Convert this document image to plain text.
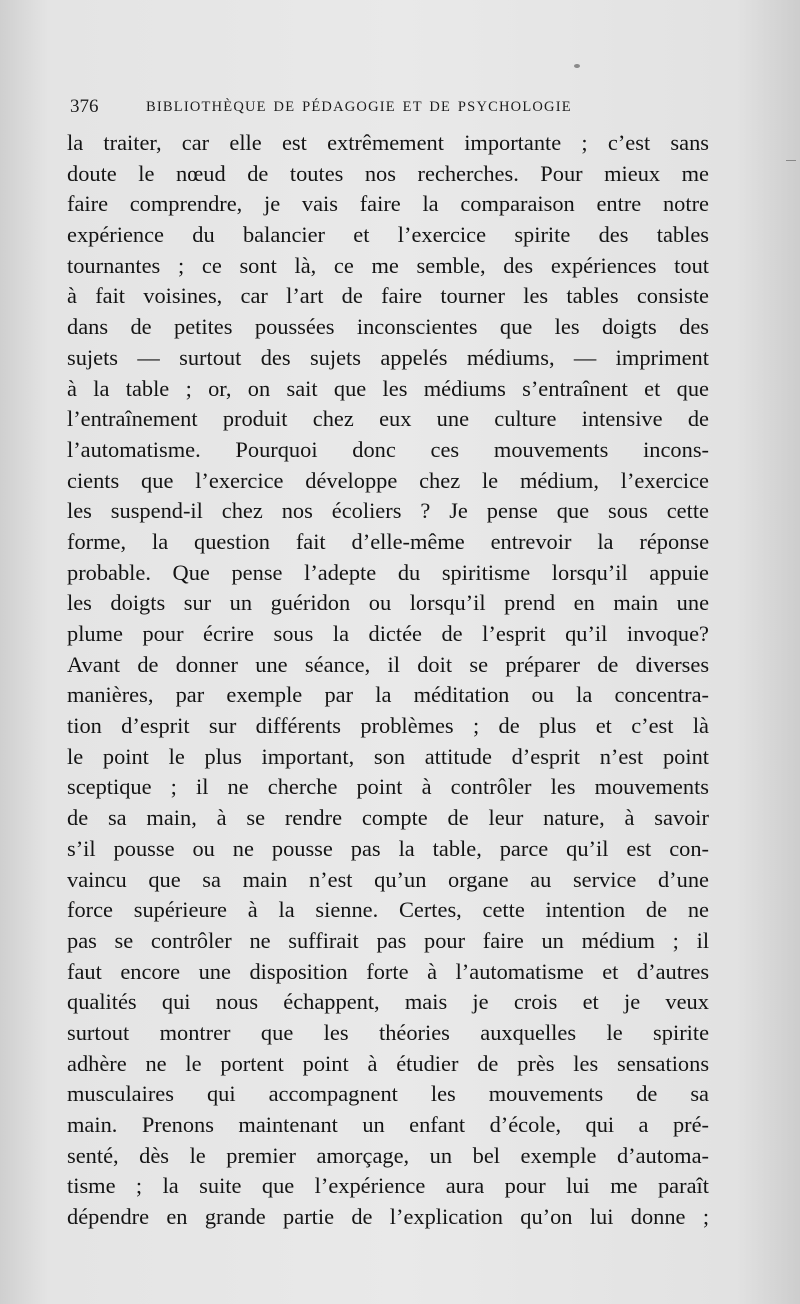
376	BIBLIOTHÈQUE DE PÉDAGOGIE ET DE PSYCHOLOGIE
la traiter, car elle est extrêmement importante ; c’est sans
doute le nœud de toutes nos recherches. Pour mieux me
faire comprendre, je vais faire la comparaison entre notre
expérience du balancier et l’exercice spirite des tables
tournantes ; ce sont là, ce me semble, des expériences tout
à fait voisines, car l’art de faire tourner les tables consiste
dans de petites poussées inconscientes que les doigts des
sujets — surtout des sujets appelés médiums, — impriment
à la table ; or, on sait que les médiums s’entraînent et que
l’entraînement produit chez eux une culture intensive de
l’automatisme. Pourquoi donc ces mouvements incons-
cients que l’exercice développe chez le médium, l’exercice
les suspend-il chez nos écoliers ? Je pense que sous cette
forme, la question fait d’elle-même entrevoir la réponse
probable. Que pense l’adepte du spiritisme lorsqu’il appuie
les doigts sur un guéridon ou lorsqu’il prend en main une
plume pour écrire sous la dictée de l’esprit qu’il invoque?
Avant de donner une séance, il doit se préparer de diverses
manières, par exemple par la méditation ou la concentra-
tion d’esprit sur différents problèmes ; de plus et c’est là
le point le plus important, son attitude d’esprit n’est point
sceptique ; il ne cherche point à contrôler les mouvements
de sa main, à se rendre compte de leur nature, à savoir
s’il pousse ou ne pousse pas la table, parce qu’il est con-
vaincu que sa main n’est qu’un organe au service d’une
force supérieure à la sienne. Certes, cette intention de ne
pas se contrôler ne suffirait pas pour faire un médium ; il
faut encore une disposition forte à l’automatisme et d’autres
qualités qui nous échappent, mais je crois et je veux
surtout montrer que les théories auxquelles le spirite
adhère ne le portent point à étudier de près les sensations
musculaires qui accompagnent les mouvements de sa
main. Prenons maintenant un enfant d’école, qui a pré-
senté, dès le premier amorçage, un bel exemple d’automa-
tisme ; la suite que l’expérience aura pour lui me paraît
dépendre en grande partie de l’explication qu’on lui donne ;
